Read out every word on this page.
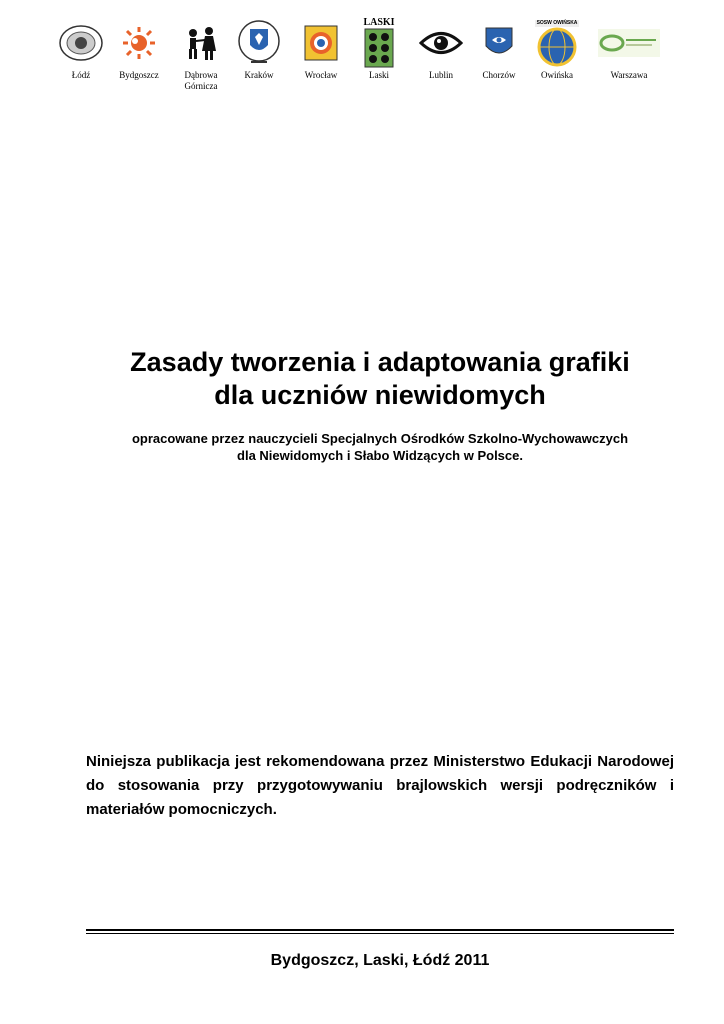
Łódź	Bydgoszcz	Dąbrowa Górnicza
Kraków	Wrocław
LASKI
Laski	Lublin	Chorzów
SOSW OWIŃSKA
Owińska	Warszawa
Zasady tworzenia i adaptowania grafiki
dla uczniów niewidomych
opracowane przez nauczycieli Specjalnych Ośrodków Szkolno-Wychowawczych
dla Niewidomych i Słabo Widzących w Polsce.
Niniejsza publikacja jest rekomendowana przez Ministerstwo Edukacji Narodowej do stosowania przy przygotowywaniu brajlowskich wersji podręczników i materiałów pomocniczych.
Bydgoszcz, Laski, Łódź 2011
